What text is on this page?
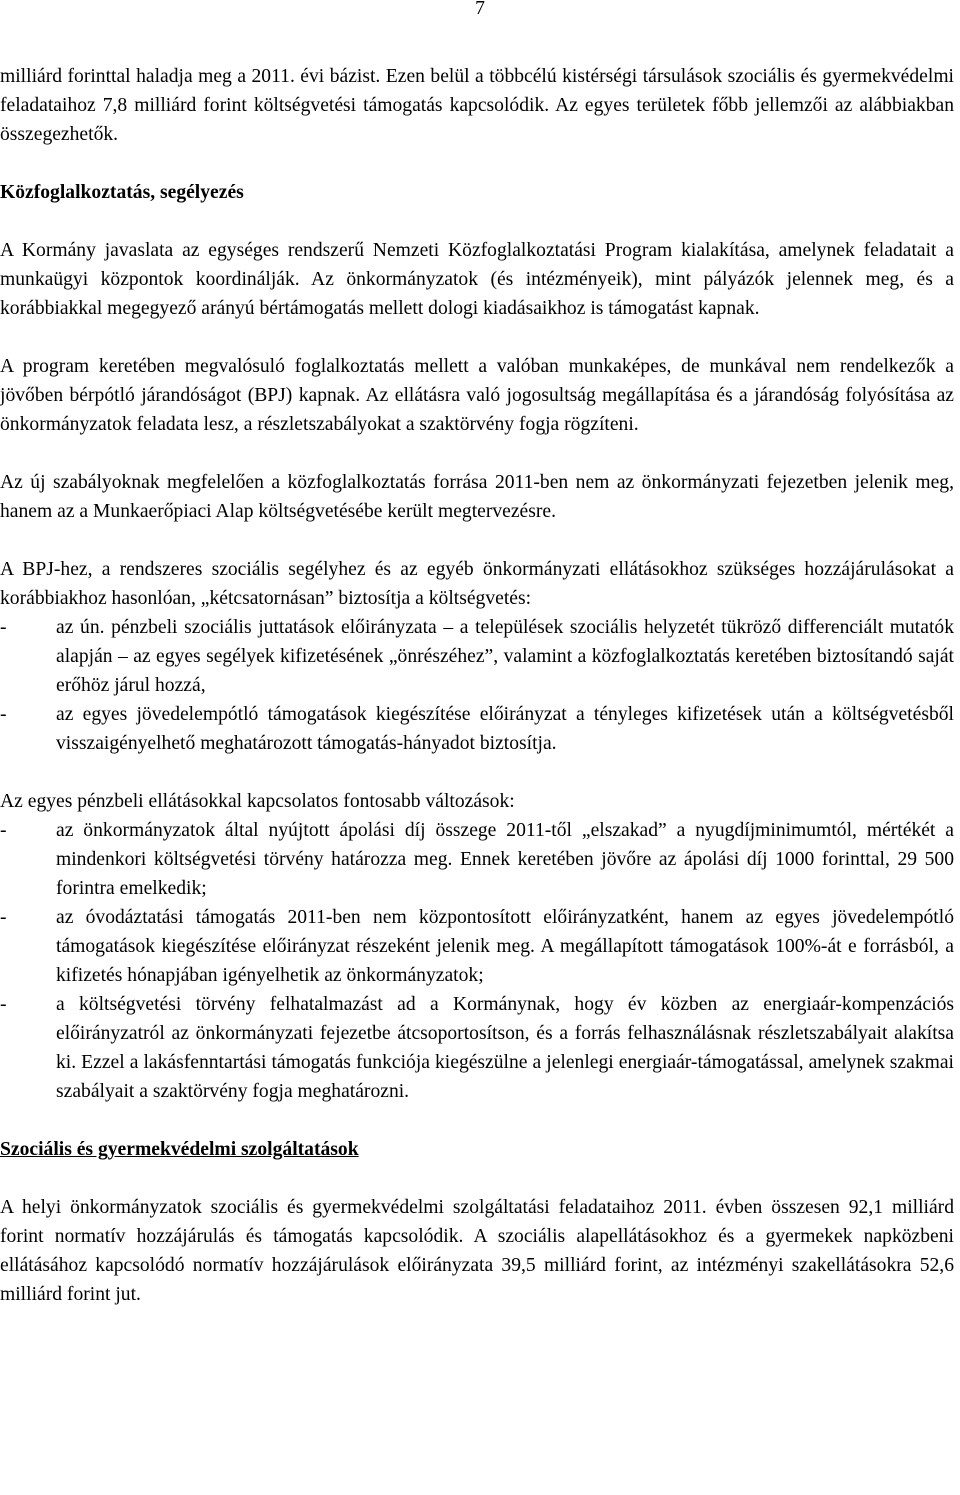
7

milliárd forinttal haladja meg a 2011. évi bázist. Ezen belül a többcélú kistérségi társulások szociális és gyermekvédelmi feladataihoz 7,8 milliárd forint költségvetési támogatás kapcsolódik. Az egyes területek főbb jellemzői az alábbiakban összegezhetők.

Közfoglalkoztatás, segélyezés

A Kormány javaslata az egységes rendszerű Nemzeti Közfoglalkoztatási Program kialakítása, amelynek feladatait a munkaügyi központok koordinálják. Az önkormányzatok (és intézményeik), mint pályázók jelennek meg, és a korábbiakkal megegyező arányú bértámogatás mellett dologi kiadásaikhoz is támogatást kapnak.

A program keretében megvalósuló foglalkoztatás mellett a valóban munkaképes, de munkával nem rendelkezők a jövőben bérpótló járandóságot (BPJ) kapnak. Az ellátásra való jogosultság megállapítása és a járandóság folyósítása az önkormányzatok feladata lesz, a részletszabályokat a szaktörvény fogja rögzíteni.

Az új szabályoknak megfelelően a közfoglalkoztatás forrása 2011-ben nem az önkormányzati fejezetben jelenik meg, hanem az a Munkaerőpiaci Alap költségvetésébe került megtervezésre.

A BPJ-hez, a rendszeres szociális segélyhez és az egyéb önkormányzati ellátásokhoz szükséges hozzájárulásokat a korábbiakhoz hasonlóan, „kétcsatornásan” biztosítja a költségvetés:

-	az ún. pénzbeli szociális juttatások előirányzata – a települések szociális helyzetét tükröző differenciált mutatók alapján – az egyes segélyek kifizetésének „önrészéhez”, valamint a közfoglalkoztatás keretében biztosítandó saját erőhöz járul hozzá,
-	az egyes jövedelempótló támogatások kiegészítése előirányzat a tényleges kifizetések után a költségvetésből visszaigényelhető meghatározott támogatás-hányadot biztosítja.

Az egyes pénzbeli ellátásokkal kapcsolatos fontosabb változások:

-	az önkormányzatok által nyújtott ápolási díj összege 2011-től „elszakad” a nyugdíjminimumtól, mértékét a mindenkori költségvetési törvény határozza meg. Ennek keretében jövőre az ápolási díj 1000 forinttal, 29 500 forintra emelkedik;
-	az óvodáztatási támogatás 2011-ben nem központosított előirányzatként, hanem az egyes jövedelempótló támogatások kiegészítése előirányzat részeként jelenik meg. A megállapított támogatások 100%-át e forrásból, a kifizetés hónapjában igényelhetik az önkormányzatok;
-	a költségvetési törvény felhatalmazást ad a Kormánynak, hogy év közben az energiaár-kompenzációs előirányzatról az önkormányzati fejezetbe átcsoportosítson, és a forrás felhasználásnak részletszabályait alakítsa ki. Ezzel a lakásfenntartási támogatás funkciója kiegészülne a jelenlegi energiaár-támogatással, amelynek szakmai szabályait a szaktörvény fogja meghatározni.

Szociális és gyermekvédelmi szolgáltatások

A helyi önkormányzatok szociális és gyermekvédelmi szolgáltatási feladataihoz 2011. évben összesen 92,1 milliárd forint normatív hozzájárulás és támogatás kapcsolódik. A szociális alapellátásokhoz és a gyermekek napközbeni ellátásához kapcsolódó normatív hozzájárulások előirányzata 39,5 milliárd forint, az intézményi szakellátásokra 52,6 milliárd forint jut.
